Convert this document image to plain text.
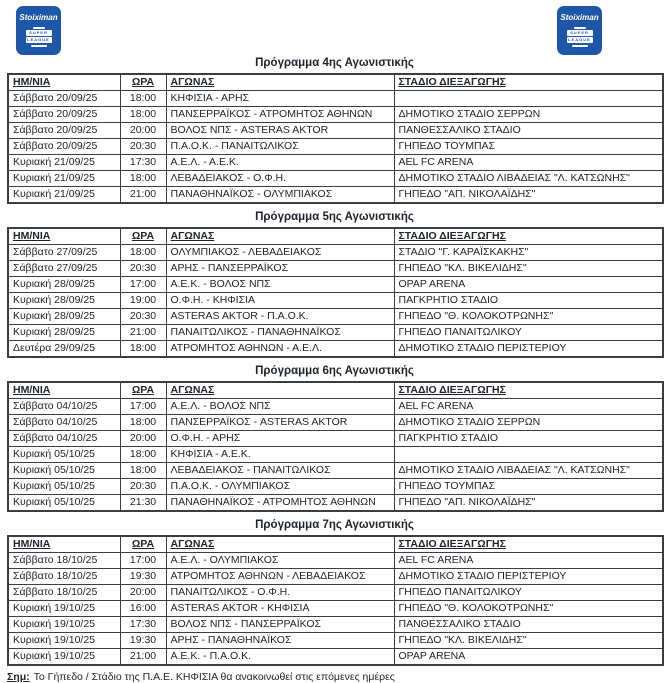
Stoiximan
SUPER
LEAGUE
Stoiximan
SUPER
LEAGUE
Πρόγραμμα 4ης Αγωνιστικής
ΗΜ/ΝΙΑ	ΩΡΑ	ΑΓΩΝΑΣ	ΣΤΑΔΙΟ ΔΙΕΞΑΓΩΓΗΣ
Σάββατο 20/09/25	18:00	ΚΗΦΙΣΙΑ - ΑΡΗΣ	
Σάββατο 20/09/25	18:00	ΠΑΝΣΕΡΡΑΪΚΟΣ - ΑΤΡΟΜΗΤΟΣ ΑΘΗΝΩΝ	ΔΗΜΟΤΙΚΟ ΣΤΑΔΙΟ ΣΕΡΡΩΝ
Σάββατο 20/09/25	20:00	ΒΟΛΟΣ ΝΠΣ - ASTERAS AKTOR	ΠΑΝΘΕΣΣΑΛΙΚΟ ΣΤΑΔΙΟ
Σάββατο 20/09/25	20:30	Π.Α.Ο.Κ. - ΠΑΝΑΙΤΩΛΙΚΟΣ	ΓΗΠΕΔΟ ΤΟΥΜΠΑΣ
Κυριακή 21/09/25	17:30	Α.Ε.Λ. - Α.Ε.Κ.	AEL FC ARENA
Κυριακή 21/09/25	18:00	ΛΕΒΑΔΕΙΑΚΟΣ - Ο.Φ.Η.	ΔΗΜΟΤΙΚΟ ΣΤΑΔΙΟ ΛΙΒΑΔΕΙΑΣ "Λ. ΚΑΤΣΩΝΗΣ"
Κυριακή 21/09/25	21:00	ΠΑΝΑΘΗΝΑΪΚΟΣ - ΟΛΥΜΠΙΑΚΟΣ	ΓΗΠΕΔΟ "ΑΠ. ΝΙΚΟΛΑΪΔΗΣ"
Πρόγραμμα 5ης Αγωνιστικής
ΗΜ/ΝΙΑ	ΩΡΑ	ΑΓΩΝΑΣ	ΣΤΑΔΙΟ ΔΙΕΞΑΓΩΓΗΣ
Σάββατο 27/09/25	18:00	ΟΛΥΜΠΙΑΚΟΣ - ΛΕΒΑΔΕΙΑΚΟΣ	ΣΤΑΔΙΟ "Γ. ΚΑΡΑΪΣΚΑΚΗΣ"
Σάββατο 27/09/25	20:30	ΑΡΗΣ - ΠΑΝΣΕΡΡΑΪΚΟΣ	ΓΗΠΕΔΟ "ΚΛ. ΒΙΚΕΛΙΔΗΣ"
Κυριακή 28/09/25	17:00	Α.Ε.Κ. - ΒΟΛΟΣ ΝΠΣ	OPAP ARENA
Κυριακή 28/09/25	19:00	Ο.Φ.Η. - ΚΗΦΙΣΙΑ	ΠΑΓΚΡΗΤΙΟ ΣΤΑΔΙΟ
Κυριακή 28/09/25	20:30	ASTERAS AKTOR - Π.Α.Ο.Κ.	ΓΗΠΕΔΟ "Θ. ΚΟΛΟΚΟΤΡΩΝΗΣ"
Κυριακή 28/09/25	21:00	ΠΑΝΑΙΤΩΛΙΚΟΣ - ΠΑΝΑΘΗΝΑΪΚΟΣ	ΓΗΠΕΔΟ ΠΑΝΑΙΤΩΛΙΚΟΥ
Δευτέρα 29/09/25	18:00	ΑΤΡΟΜΗΤΟΣ ΑΘΗΝΩΝ - Α.Ε.Λ.	ΔΗΜΟΤΙΚΟ ΣΤΑΔΙΟ ΠΕΡΙΣΤΕΡΙΟΥ
Πρόγραμμα 6ης Αγωνιστικής
ΗΜ/ΝΙΑ	ΩΡΑ	ΑΓΩΝΑΣ	ΣΤΑΔΙΟ ΔΙΕΞΑΓΩΓΗΣ
Σάββατο 04/10/25	17:00	Α.Ε.Λ. - ΒΟΛΟΣ ΝΠΣ	AEL FC ARENA
Σάββατο 04/10/25	18:00	ΠΑΝΣΕΡΡΑΪΚΟΣ - ASTERAS AKTOR	ΔΗΜΟΤΙΚΟ ΣΤΑΔΙΟ ΣΕΡΡΩΝ
Σάββατο 04/10/25	20:00	Ο.Φ.Η. - ΑΡΗΣ	ΠΑΓΚΡΗΤΙΟ ΣΤΑΔΙΟ
Κυριακή 05/10/25	18:00	ΚΗΦΙΣΙΑ - Α.Ε.Κ.	
Κυριακή 05/10/25	18:00	ΛΕΒΑΔΕΙΑΚΟΣ - ΠΑΝΑΙΤΩΛΙΚΟΣ	ΔΗΜΟΤΙΚΟ ΣΤΑΔΙΟ ΛΙΒΑΔΕΙΑΣ "Λ. ΚΑΤΣΩΝΗΣ"
Κυριακή 05/10/25	20:30	Π.Α.Ο.Κ. - ΟΛΥΜΠΙΑΚΟΣ	ΓΗΠΕΔΟ ΤΟΥΜΠΑΣ
Κυριακή 05/10/25	21:30	ΠΑΝΑΘΗΝΑΪΚΟΣ - ΑΤΡΟΜΗΤΟΣ ΑΘΗΝΩΝ	ΓΗΠΕΔΟ "ΑΠ. ΝΙΚΟΛΑΪΔΗΣ"
Πρόγραμμα 7ης Αγωνιστικής
ΗΜ/ΝΙΑ	ΩΡΑ	ΑΓΩΝΑΣ	ΣΤΑΔΙΟ ΔΙΕΞΑΓΩΓΗΣ
Σάββατο 18/10/25	17:00	Α.Ε.Λ. - ΟΛΥΜΠΙΑΚΟΣ	AEL FC ARENA
Σάββατο 18/10/25	19:30	ΑΤΡΟΜΗΤΟΣ ΑΘΗΝΩΝ - ΛΕΒΑΔΕΙΑΚΟΣ	ΔΗΜΟΤΙΚΟ ΣΤΑΔΙΟ ΠΕΡΙΣΤΕΡΙΟΥ
Σάββατο 18/10/25	20:00	ΠΑΝΑΙΤΩΛΙΚΟΣ - Ο.Φ.Η.	ΓΗΠΕΔΟ ΠΑΝΑΙΤΩΛΙΚΟΥ
Κυριακή 19/10/25	16:00	ASTERAS AKTOR - ΚΗΦΙΣΙΑ	ΓΗΠΕΔΟ "Θ. ΚΟΛΟΚΟΤΡΩΝΗΣ"
Κυριακή 19/10/25	17:30	ΒΟΛΟΣ ΝΠΣ - ΠΑΝΣΕΡΡΑΪΚΟΣ	ΠΑΝΘΕΣΣΑΛΙΚΟ ΣΤΑΔΙΟ
Κυριακή 19/10/25	19:30	ΑΡΗΣ - ΠΑΝΑΘΗΝΑΪΚΟΣ	ΓΗΠΕΔΟ "ΚΛ. ΒΙΚΕΛΙΔΗΣ"
Κυριακή 19/10/25	21:00	Α.Ε.Κ. - Π.Α.Ο.Κ.	OPAP ARENA
Σημ: Το Γήπεδο / Στάδιο της Π.Α.Ε. ΚΗΦΙΣΙΑ θα ανακοινωθεί στις επόμενες ημέρες
